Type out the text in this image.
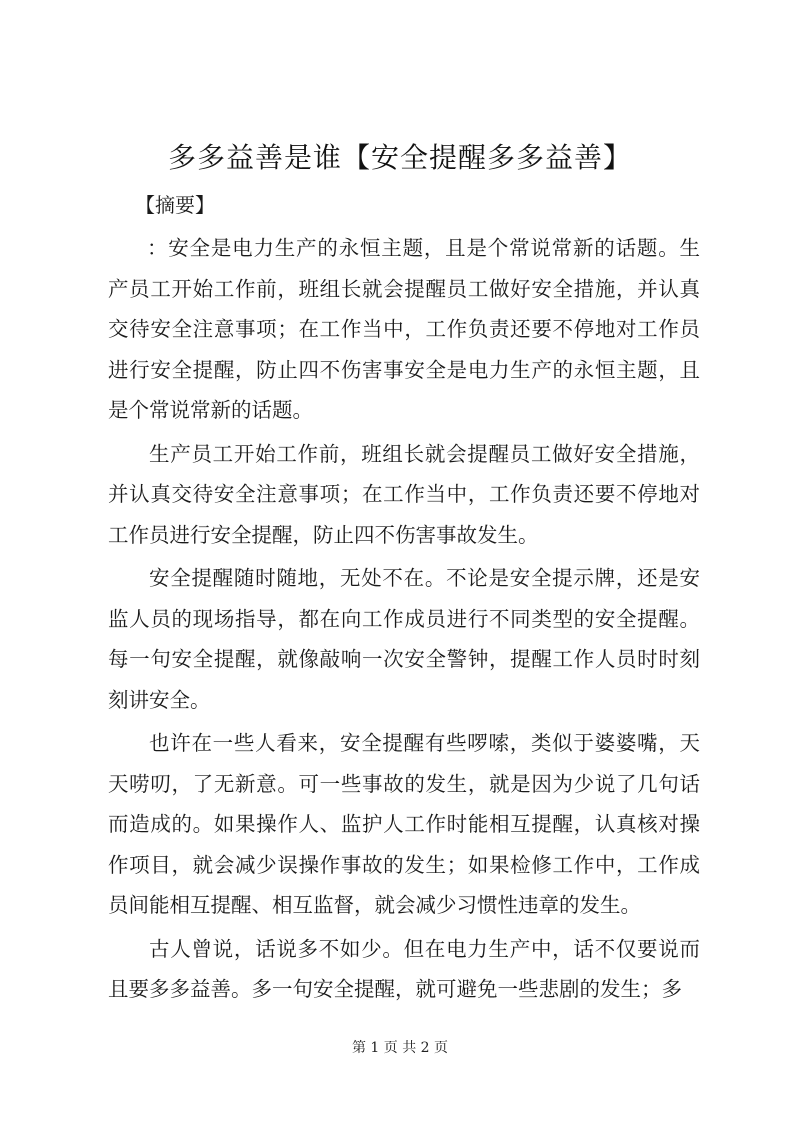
多多益善是谁【安全提醒多多益善】
【摘要】

：安全是电力生产的永恒主题，且是个常说常新的话题。生产员工开始工作前，班组长就会提醒员工做好安全措施，并认真交待安全注意事项；在工作当中，工作负责还要不停地对工作员进行安全提醒，防止四不伤害事安全是电力生产的永恒主题，且是个常说常新的话题。

生产员工开始工作前，班组长就会提醒员工做好安全措施，并认真交待安全注意事项；在工作当中，工作负责还要不停地对工作员进行安全提醒，防止四不伤害事故发生。

安全提醒随时随地，无处不在。不论是安全提示牌，还是安监人员的现场指导，都在向工作成员进行不同类型的安全提醒。每一句安全提醒，就像敲响一次安全警钟，提醒工作人员时时刻刻讲安全。

也许在一些人看来，安全提醒有些啰嗦，类似于婆婆嘴，天天唠叨，了无新意。可一些事故的发生，就是因为少说了几句话而造成的。如果操作人、监护人工作时能相互提醒，认真核对操作项目，就会减少误操作事故的发生；如果检修工作中，工作成员间能相互提醒、相互监督，就会减少习惯性违章的发生。

古人曾说，话说多不如少。但在电力生产中，话不仅要说而且要多多益善。多一句安全提醒，就可避免一些悲剧的发生；多

第 1 页 共 2 页
